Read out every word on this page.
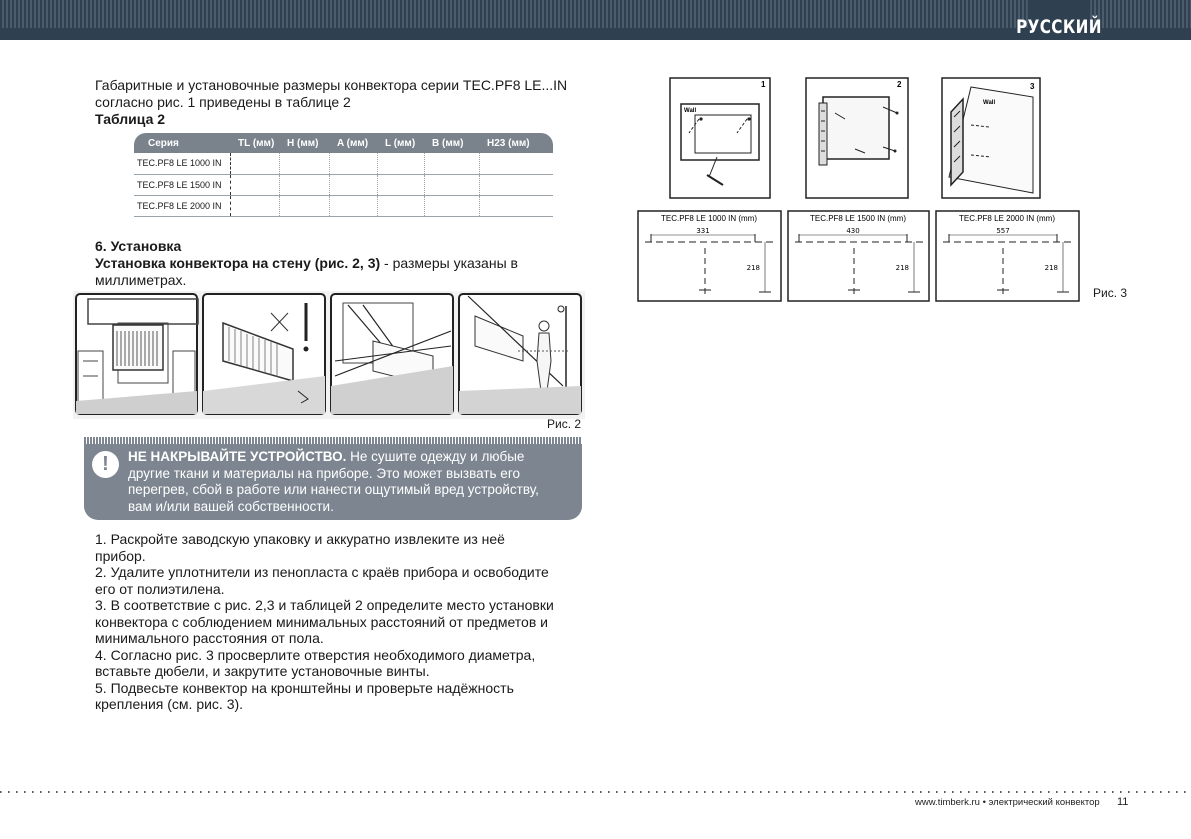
РУССКИЙ
Габаритные и установочные размеры конвектора серии TEC.PF8 LE...IN
согласно рис. 1 приведены в таблице 2
Таблица 2
Серия	TL (мм)	H (мм)	A (мм)	L (мм)	B (мм)	H23 (мм)
TEC.PF8 LE 1000 IN						
TEC.PF8 LE 1500 IN						
TEC.PF8 LE 2000 IN						
6. Установка
Установка конвектора на стену (рис. 2, 3) - размеры указаны в
миллиметрах.
Рис. 2
!	НЕ НАКРЫВАЙТЕ УСТРОЙСТВО. Не сушите одежду и любые
другие ткани и материалы на приборе. Это может вызвать его
перегрев, сбой в работе или нанести ощутимый вред устройству,
вам и/или вашей собственности.
1. Раскройте заводскую упаковку и аккуратно извлеките из неё
прибор.
2. Удалите уплотнители из пенопласта с краёв прибора и освободите
его от полиэтилена.
3. В соответствие с рис. 2,3 и таблицей 2 определите место установки
конвектора с соблюдением минимальных расстояний от предметов и
минимального расстояния от пола.
4. Согласно рис. 3 просверлите отверстия необходимого диаметра,
вставьте дюбели, и закрутите установочные винты.
5. Подвесьте конвектор на кронштейны и проверьте надёжность
крепления (см. рис. 3).
1
Wall
2	3
Wall
TEC.PF8 LE 1000 IN (mm)
331
218
TEC.PF8 LE 1500 IN (mm)
430
218
TEC.PF8 LE 2000 IN (mm)
557
218
Рис. 3
www.timberk.ru • электрический конвектор 11
